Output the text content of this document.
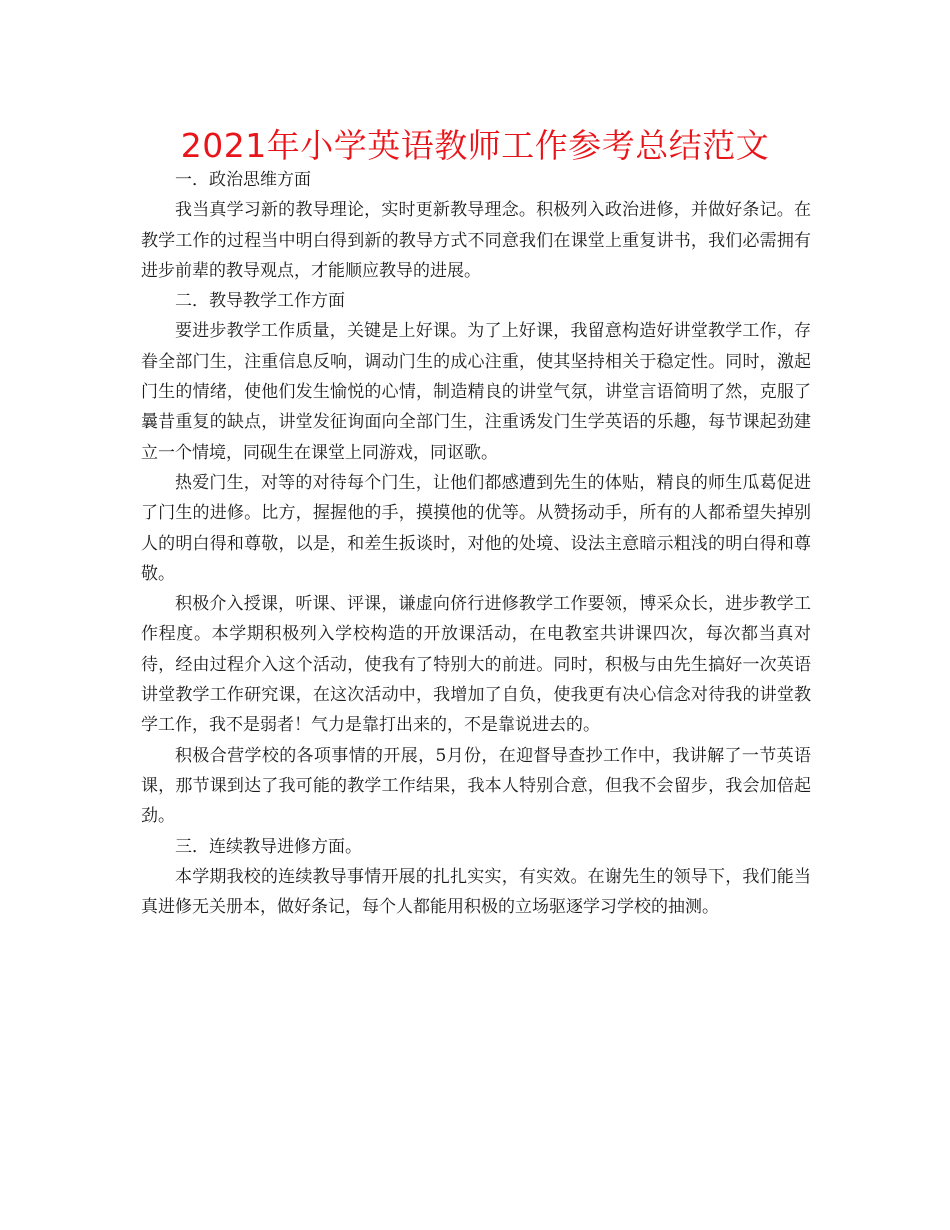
2021年小学英语教师工作参考总结范文

一．政治思维方面

我当真学习新的教导理论，实时更新教导理念。积极列入政治进修，并做好条记。在教学工作的过程当中明白得到新的教导方式不同意我们在课堂上重复讲书，我们必需拥有进步前辈的教导观点，才能顺应教导的进展。

二．教导教学工作方面

要进步教学工作质量，关键是上好课。为了上好课，我留意构造好讲堂教学工作，存眷全部门生，注重信息反响，调动门生的成心注重，使其坚持相关于稳定性。同时，激起门生的情绪，使他们发生愉悦的心情，制造精良的讲堂气氛，讲堂言语简明了然，克服了曩昔重复的缺点，讲堂发征询面向全部门生，注重诱发门生学英语的乐趣，每节课起劲建立一个情境，同砚生在课堂上同游戏，同讴歌。

热爱门生，对等的对待每个门生，让他们都感遭到先生的体贴，精良的师生瓜葛促进了门生的进修。比方，握握他的手，摸摸他的优等。从赞扬动手，所有的人都希望失掉别人的明白得和尊敬，以是，和差生扳谈时，对他的处境、设法主意暗示粗浅的明白得和尊敬。

积极介入授课，听课、评课，谦虚向侪行进修教学工作要领，博采众长，进步教学工作程度。本学期积极列入学校构造的开放课活动，在电教室共讲课四次，每次都当真对待，经由过程介入这个活动，使我有了特别大的前进。同时，积极与由先生搞好一次英语讲堂教学工作研究课，在这次活动中，我增加了自负，使我更有决心信念对待我的讲堂教学工作，我不是弱者！气力是靠打出来的，不是靠说进去的。

积极合营学校的各项事情的开展，5月份，在迎督导查抄工作中，我讲解了一节英语课，那节课到达了我可能的教学工作结果，我本人特别合意，但我不会留步，我会加倍起劲。

三．连续教导进修方面。

本学期我校的连续教导事情开展的扎扎实实，有实效。在谢先生的领导下，我们能当真进修无关册本，做好条记，每个人都能用积极的立场驱逐学习学校的抽测。
